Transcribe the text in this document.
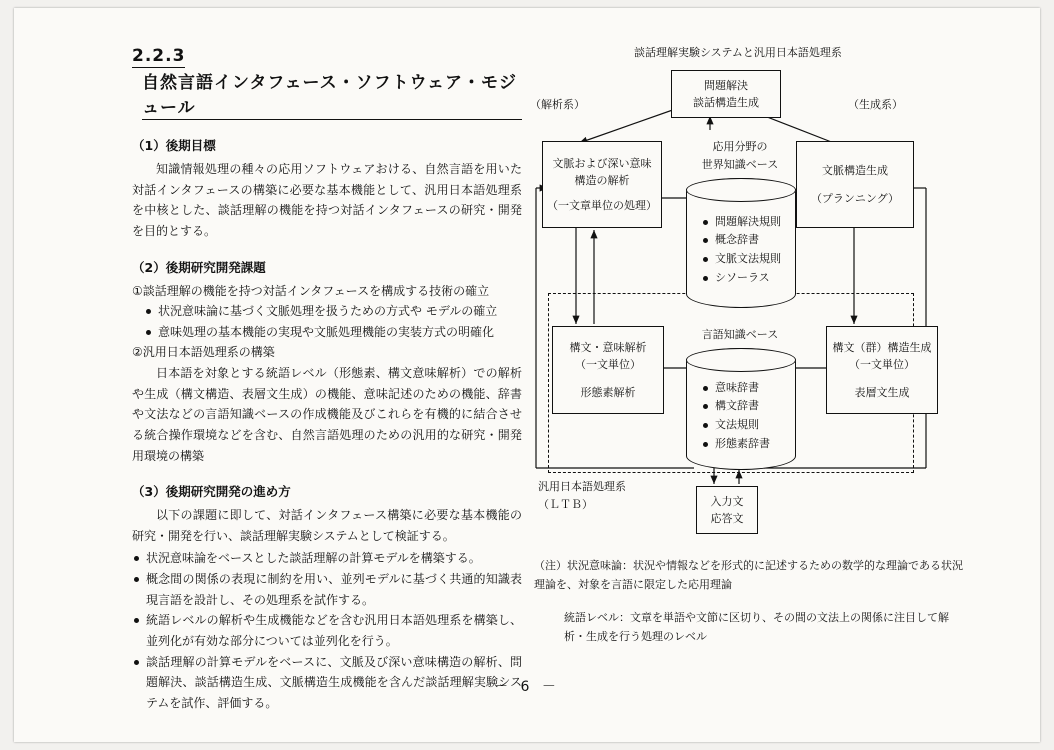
2.2.3 自然言語インタフェース・ソフトウェア・モジュール
（1）後期目標

知識情報処理の種々の応用ソフトウェアおける、自然言語を用いた対話インタフェースの構築に必要な基本機能として、汎用日本語処理系を中核とした、談話理解の機能を持つ対話インタフェースの研究・開発を目的とする。

（2）後期研究開発課題

①談話理解の機能を持つ対話インタフェースを構成する技術の確立

状況意味論に基づく文脈処理を扱うための方式や モデルの確立

意味処理の基本機能の実現や文脈処理機能の実装方式の明確化

②汎用日本語処理系の構築

日本語を対象とする統語レベル（形態素、構文意味解析）での解析や生成（構文構造、表層文生成）の機能、意味記述のための機能、辞書や文法などの言語知識ベースの作成機能及びこれらを有機的に結合させる統合操作環境などを含む、自然言語処理のための汎用的な研究・開発用環境の構築

（3）後期研究開発の進め方

以下の課題に即して、対話インタフェース構築に必要な基本機能の研究・開発を行い、談話理解実験システムとして検証する。

状況意味論をベースとした談話理解の計算モデルを構築する。

概念間の関係の表現に制約を用い、並列モデルに基づく共通的知識表現言語を設計し、その処理系を試作する。

統語レベルの解析や生成機能などを含む汎用日本語処理系を構築し、並列化が有効な部分については並列化を行う。

談話理解の計算モデルをベースに、文脈及び深い意味構造の解析、問題解決、談話構造生成、文脈構造生成機能を含んだ談話理解実験システムを試作、評価する。

談話理解実験システムと汎用日本語処理系
（解析系）	（生成系）
問題解決
談話構造生成
文脈および深い意味
構造の解析
（一文章単位の処理）
文脈構造生成
（プランニング）
応用分野の
世界知識ベース
問題解決規則
概念辞書
文脈文法規則
シソーラス
構文・意味解析
（一文単位）
形態素解析
構文（群）構造生成
（一文単位）
表層文生成
言語知識ベース
意味辞書
構文辞書
文法規則
形態素辞書
汎用日本語処理系
（ＬＴＢ）	入力文
応答文
（注）状況意味論：状況や情報などを形式的に記述するための数学的な理論である状況理論を、対象を言語に限定した応用理論
統語レベル：文章を単語や文節に区切り、その間の文法上の関係に注目して解析・生成を行う処理のレベル
－ 6 －
